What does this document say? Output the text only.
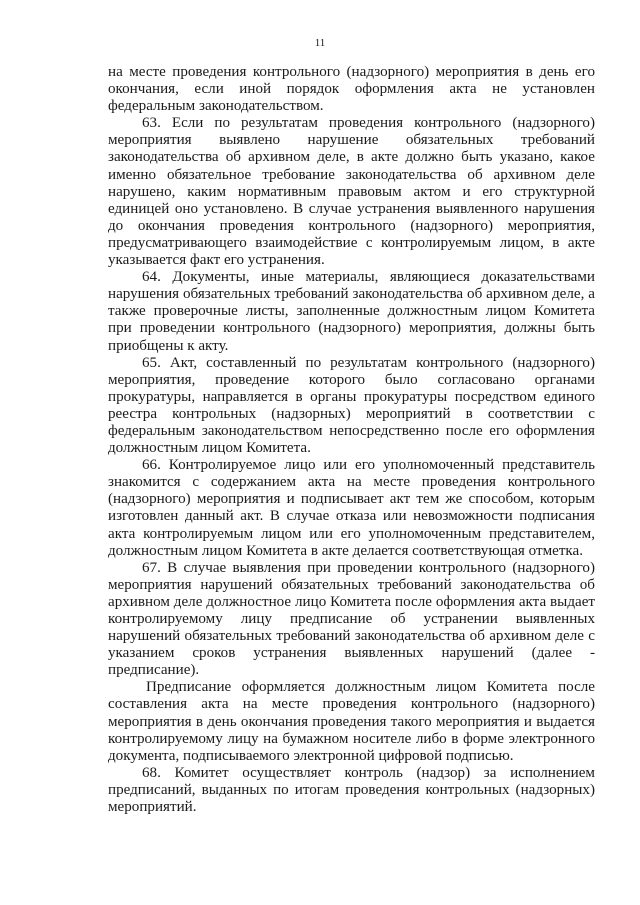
11

на месте проведения контрольного (надзорного) мероприятия в день его окончания, если иной порядок оформления акта не установлен федеральным законодательством.

63. Если по результатам проведения контрольного (надзорного) мероприятия выявлено нарушение обязательных требований законодательства об архивном деле, в акте должно быть указано, какое именно обязательное требование законодательства об архивном деле нарушено, каким нормативным правовым актом и его структурной единицей оно установлено. В случае устранения выявленного нарушения до окончания проведения контрольного (надзорного) мероприятия, предусматривающего взаимодействие с контролируемым лицом, в акте указывается факт его устранения.

64. Документы, иные материалы, являющиеся доказательствами нарушения обязательных требований законодательства об архивном деле, а также проверочные листы, заполненные должностным лицом Комитета при проведении контрольного (надзорного) мероприятия, должны быть приобщены к акту.

65. Акт, составленный по результатам контрольного (надзорного) мероприятия, проведение которого было согласовано органами прокуратуры, направляется в органы прокуратуры посредством единого реестра контрольных (надзорных) мероприятий в соответствии с федеральным законодательством непосредственно после его оформления должностным лицом Комитета.

66. Контролируемое лицо или его уполномоченный представитель знакомится с содержанием акта на месте проведения контрольного (надзорного) мероприятия и подписывает акт тем же способом, которым изготовлен данный акт. В случае отказа или невозможности подписания акта контролируемым лицом или его уполномоченным представителем, должностным лицом Комитета в акте делается соответствующая отметка.

67. В случае выявления при проведении контрольного (надзорного) мероприятия нарушений обязательных требований законодательства об архивном деле должностное лицо Комитета после оформления акта выдает контролируемому лицу предписание об устранении выявленных нарушений обязательных требований законодательства об архивном деле с указанием сроков устранения выявленных нарушений (далее - предписание).

Предписание оформляется должностным лицом Комитета после составления акта на месте проведения контрольного (надзорного) мероприятия в день окончания проведения такого мероприятия и выдается контролируемому лицу на бумажном носителе либо в форме электронного документа, подписываемого электронной цифровой подписью.

68. Комитет осуществляет контроль (надзор) за исполнением предписаний, выданных по итогам проведения контрольных (надзорных) мероприятий.
